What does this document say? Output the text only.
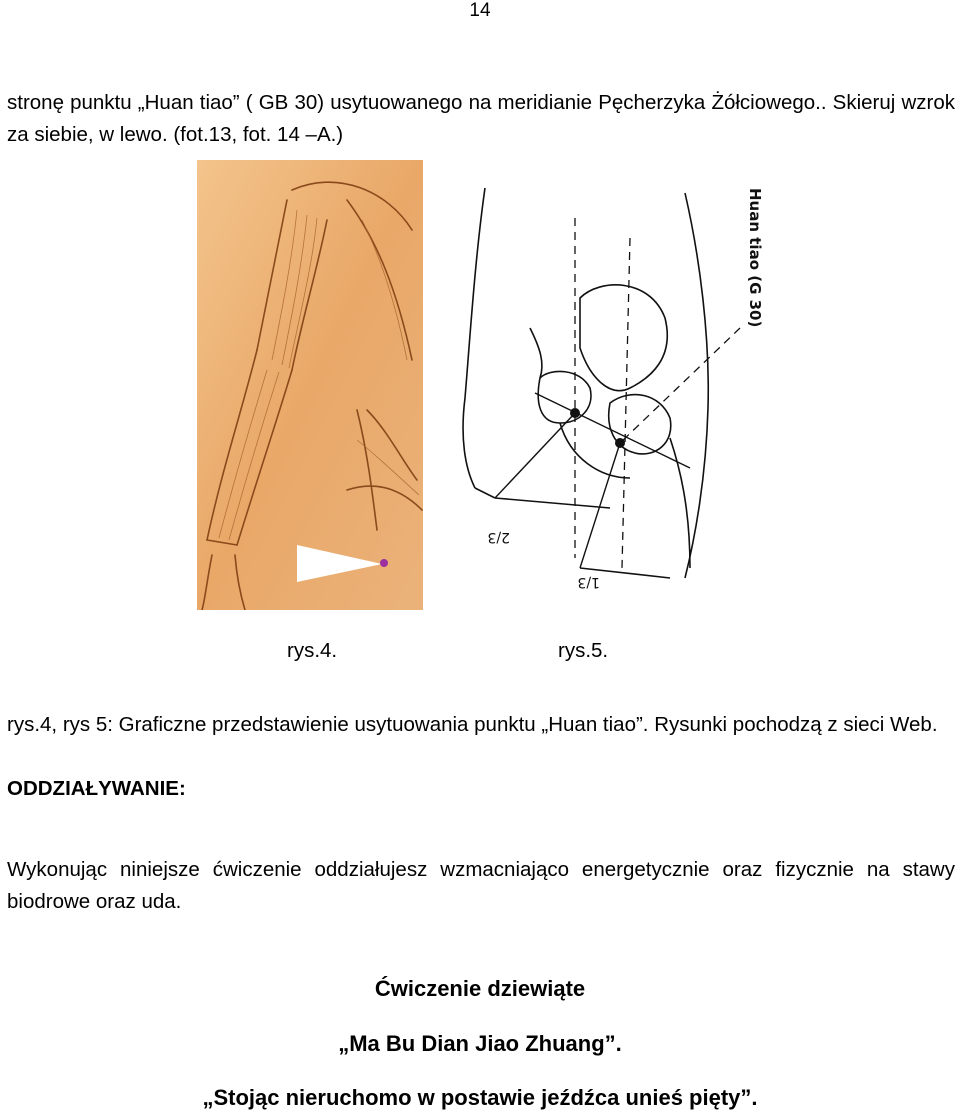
14

stronę punktu „Huan tiao” ( GB 30) usytuowanego na meridianie Pęcherzyka Żółciowego.. Skieruj wzrok za siebie, w lewo. (fot.13, fot. 14 –A.)

Huan tiao (G 30)
2/3
1/3
rys.4.	rys.5.

rys.4, rys 5: Graficzne przedstawienie usytuowania punktu „Huan tiao”. Rysunki pochodzą z sieci Web.

ODDZIAŁYWANIE:

Wykonując niniejsze ćwiczenie oddziałujesz wzmacniająco energetycznie oraz fizycznie na stawy biodrowe oraz uda.

Ćwiczenie dziewiąte
„Ma Bu Dian Jiao Zhuang”.
„Stojąc nieruchomo w postawie jeźdźca unieś pięty”.
